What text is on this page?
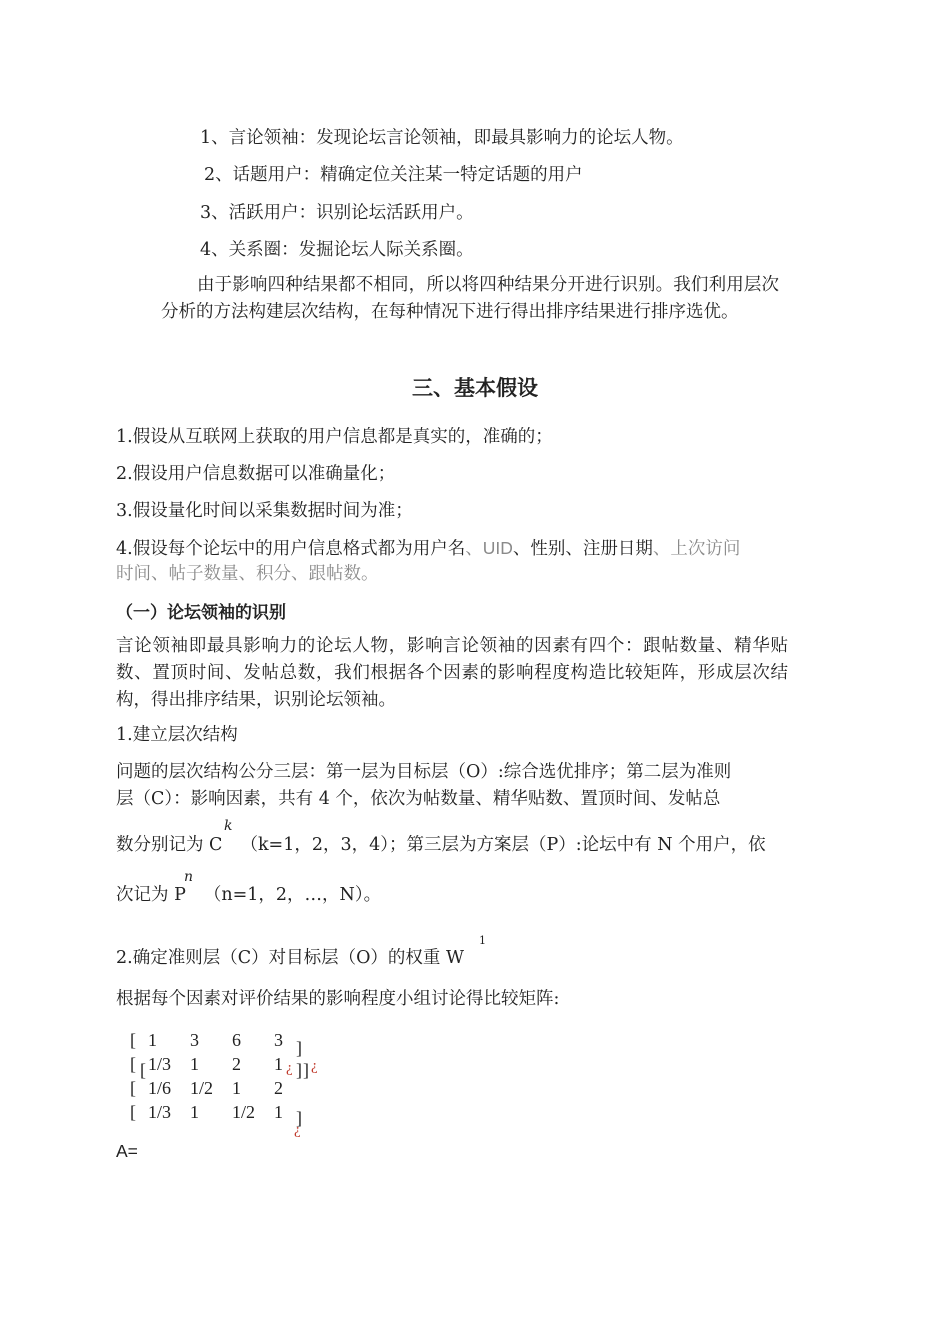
1、言论领袖：发现论坛言论领袖，即最具影响力的论坛人物。
2、话题用户：精确定位关注某一特定话题的用户
3、活跃用户：识别论坛活跃用户。
4、关系圈：发掘论坛人际关系圈。
由于影响四种结果都不相同，所以将四种结果分开进行识别。我们利用层次分析的方法构建层次结构，在每种情况下进行得出排序结果进行排序选优。
三、基本假设
1.假设从互联网上获取的用户信息都是真实的，准确的；
2.假设用户信息数据可以准确量化；
3.假设量化时间以采集数据时间为准；
4.假设每个论坛中的用户信息格式都为用户名、UID、性别、注册日期、上次访问
时间、帖子数量、积分、跟帖数。
（一）论坛领袖的识别
言论领袖即最具影响力的论坛人物，影响言论领袖的因素有四个：跟帖数量、精华贴数、置顶时间、发帖总数，我们根据各个因素的影响程度构造比较矩阵，形成层次结构，得出排序结果，识别论坛领袖。
1.建立层次结构
问题的层次结构公分三层：第一层为目标层（O）:综合选优排序；第二层为准则
层（C）：影响因素，共有 4 个，依次为帖数量、精华贴数、置顶时间、发帖总
数分别记为 C （k=1，2，3，4）；第三层为方案层（P）:论坛中有 N 个用户，依
k
次记为 P （n=1，2，…，N）。
n
2.确定准则层（C）对目标层（O）的权重 W
1
根据每个因素对评价结果的影响程度小组讨论得比较矩阵:
[ 1 3 6 3 ]
[ [ 1/3 1 2 1 ¿ ] ] ¿
[ 1/6 1/2 1 2
[ 1/3 1 1/2 1 ]
¿
A=
